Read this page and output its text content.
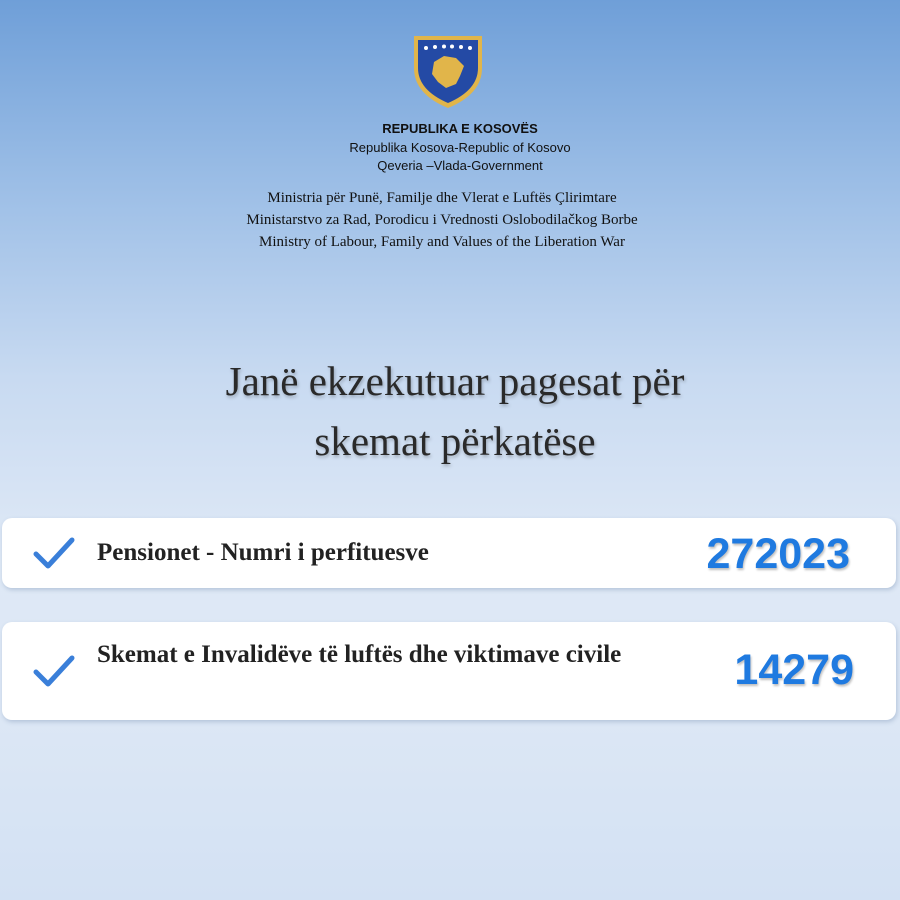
REPUBLIKA E KOSOVËS
Republika Kosova-Republic of Kosovo
Qeveria –Vlada-Government
Ministria për Punë, Familje dhe Vlerat e Luftës Çlirimtare
Ministarstvo za Rad, Porodicu i Vrednosti Oslobodilačkog Borbe
Ministry of Labour, Family and Values of the Liberation War
Janë ekzekutuar pagesat për
skemat përkatëse
Pensionet - Numri i perfituesve	272023
Skemat e Invalidëve të luftës dhe viktimave civile	14279
